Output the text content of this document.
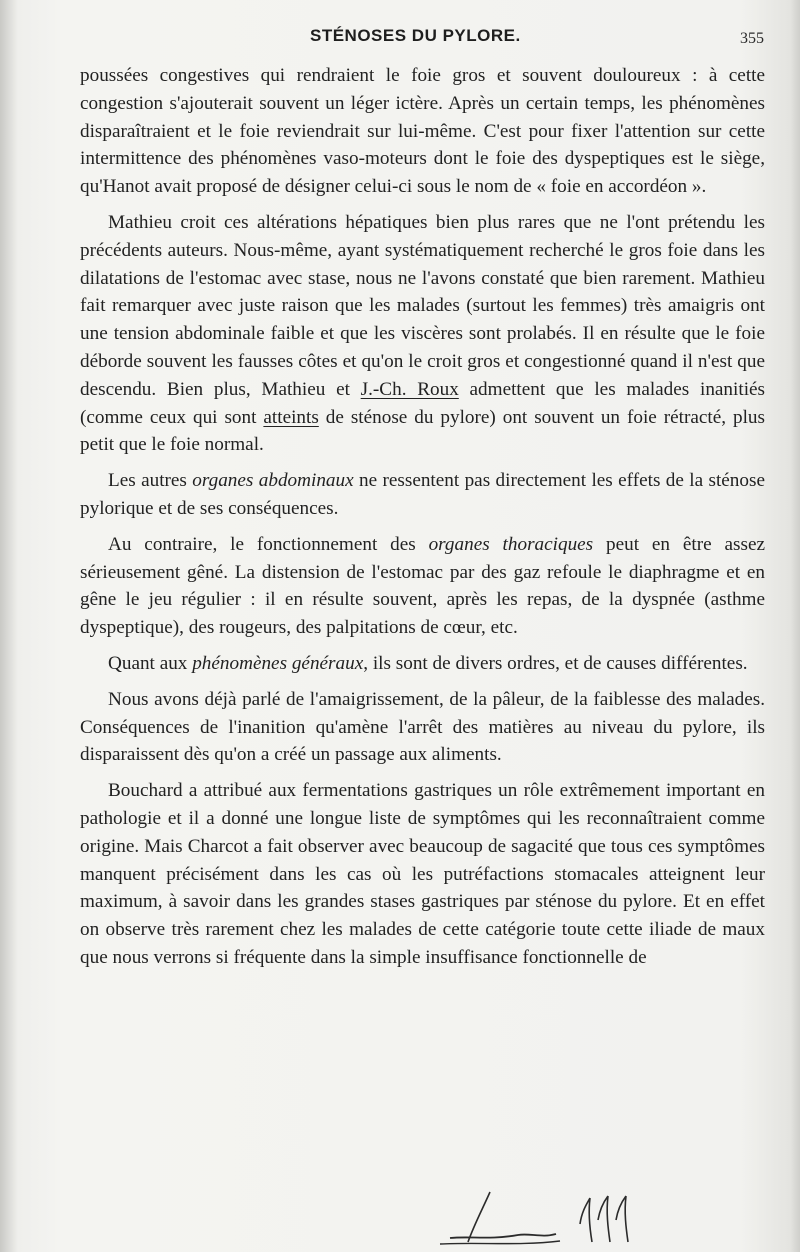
STÉNOSES DU PYLORE.	355

poussées congestives qui rendraient le foie gros et souvent douloureux : à cette congestion s'ajouterait souvent un léger ictère. Après un certain temps, les phénomènes disparaîtraient et le foie reviendrait sur lui-même. C'est pour fixer l'attention sur cette intermittence des phénomènes vaso-moteurs dont le foie des dyspeptiques est le siège, qu'Hanot avait proposé de désigner celui-ci sous le nom de « foie en accordéon ».

Mathieu croit ces altérations hépatiques bien plus rares que ne l'ont prétendu les précédents auteurs. Nous-même, ayant systématiquement recherché le gros foie dans les dilatations de l'estomac avec stase, nous ne l'avons constaté que bien rarement. Mathieu fait remarquer avec juste raison que les malades (surtout les femmes) très amaigris ont une tension abdominale faible et que les viscères sont prolabés. Il en résulte que le foie déborde souvent les fausses côtes et qu'on le croit gros et congestionné quand il n'est que descendu. Bien plus, Mathieu et J.-Ch. Roux admettent que les malades inanitiés (comme ceux qui sont atteints de sténose du pylore) ont souvent un foie rétracté, plus petit que le foie normal.

Les autres organes abdominaux ne ressentent pas directement les effets de la sténose pylorique et de ses conséquences.

Au contraire, le fonctionnement des organes thoraciques peut en être assez sérieusement gêné. La distension de l'estomac par des gaz refoule le diaphragme et en gêne le jeu régulier : il en résulte souvent, après les repas, de la dyspnée (asthme dyspeptique), des rougeurs, des palpitations de cœur, etc.

Quant aux phénomènes généraux, ils sont de divers ordres, et de causes différentes.

Nous avons déjà parlé de l'amaigrissement, de la pâleur, de la faiblesse des malades. Conséquences de l'inanition qu'amène l'arrêt des matières au niveau du pylore, ils disparaissent dès qu'on a créé un passage aux aliments.

Bouchard a attribué aux fermentations gastriques un rôle extrêmement important en pathologie et il a donné une longue liste de symptômes qui les reconnaîtraient comme origine. Mais Charcot a fait observer avec beaucoup de sagacité que tous ces symptômes manquent précisément dans les cas où les putréfactions stomacales atteignent leur maximum, à savoir dans les grandes stases gastriques par sténose du pylore. Et en effet on observe très rarement chez les malades de cette catégorie toute cette iliade de maux que nous verrons si fréquente dans la simple insuffisance fonctionnelle de
